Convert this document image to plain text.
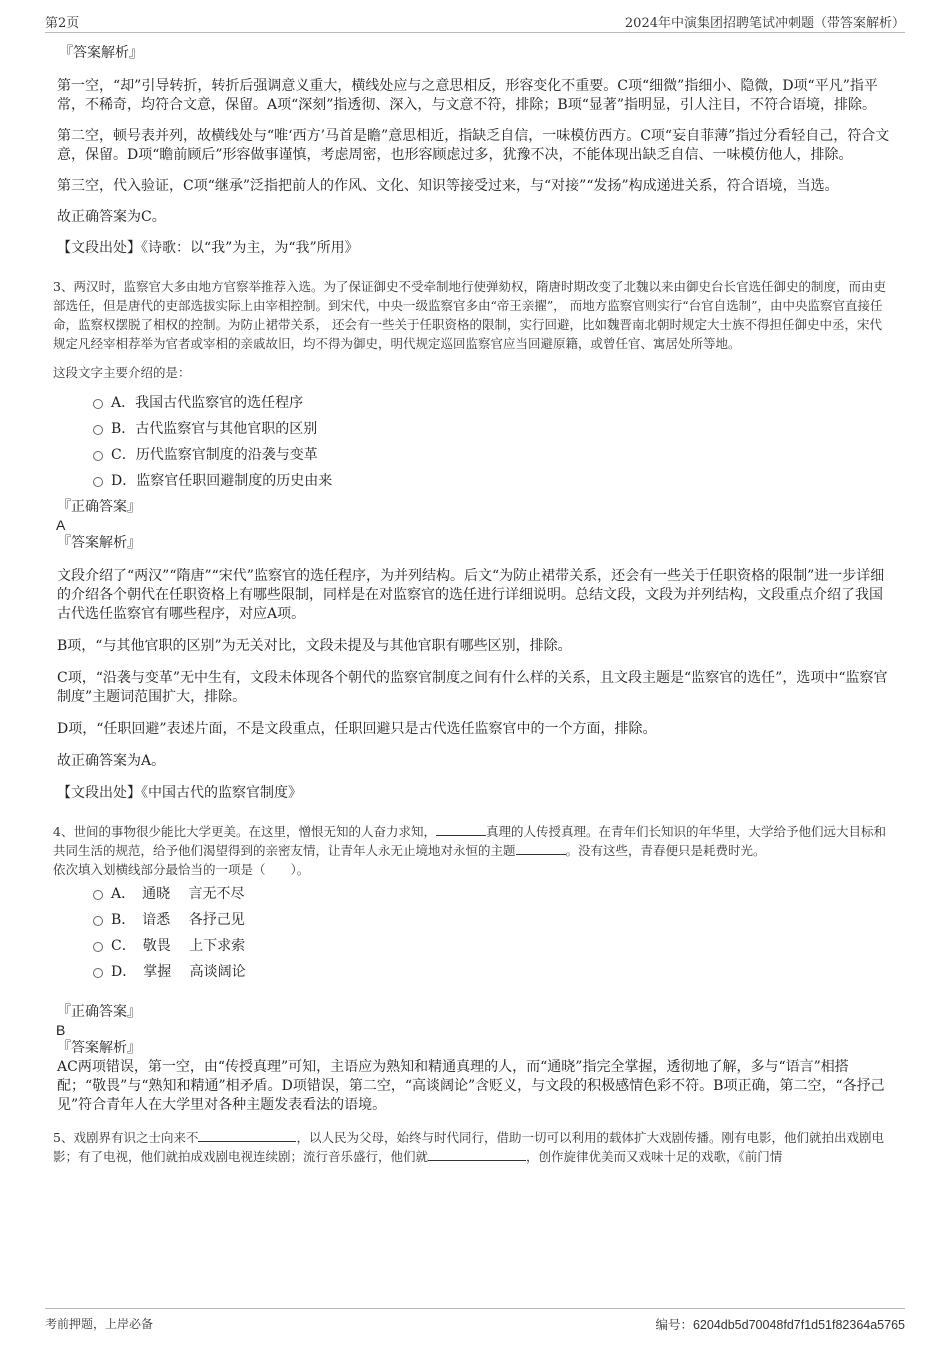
第2页	2024年中演集团招聘笔试冲刺题（带答案解析）
『答案解析』

第一空，“却”引导转折，转折后强调意义重大，横线处应与之意思相反，形容变化不重要。C项“细微”指细小、隐微，D项“平凡”指平常，不稀奇，均符合文意，保留。A项“深刻”指透彻、深入，与文意不符，排除；B项“显著”指明显，引人注目，不符合语境，排除。

第二空，顿号表并列，故横线处与“唯‘西方’马首是瞻”意思相近，指缺乏自信，一味模仿西方。C项“妄自菲薄”指过分看轻自己，符合文意，保留。D项“瞻前顾后”形容做事谨慎，考虑周密，也形容顾虑过多，犹豫不决，不能体现出缺乏自信、一味模仿他人，排除。

第三空，代入验证，C项“继承”泛指把前人的作风、文化、知识等接受过来，与“对接”“发扬”构成递进关系，符合语境，当选。

故正确答案为C。

【文段出处】《诗歌：以“我”为主，为“我”所用》

3、两汉时，监察官大多由地方官察举推荐入选。为了保证御史不受牵制地行使弹劾权，隋唐时期改变了北魏以来由御史台长官选任御史的制度，而由吏部选任，但是唐代的吏部选拔实际上由宰相控制。到宋代，中央一级监察官多由“帝王亲擢”， 而地方监察官则实行“台官自选制”，由中央监察官直接任命，监察权摆脱了相权的控制。为防止裙带关系， 还会有一些关于任职资格的限制，实行回避，比如魏晋南北朝时规定大士族不得担任御史中丞，宋代规定凡经宰相荐举为官者或宰相的亲戚故旧，均不得为御史，明代规定巡回监察官应当回避原籍，或曾任官、寓居处所等地。

这段文字主要介绍的是：

A．我国古代监察官的选任程序
B．古代监察官与其他官职的区别
C．历代监察官制度的沿袭与变革
D．监察官任职回避制度的历史由来
『正确答案』
A
『答案解析』

文段介绍了“两汉”“隋唐”“宋代”监察官的选任程序，为并列结构。后文“为防止裙带关系，还会有一些关于任职资格的限制”进一步详细的介绍各个朝代在任职资格上有哪些限制，同样是在对监察官的选任进行详细说明。总结文段，文段为并列结构，文段重点介绍了我国古代选任监察官有哪些程序，对应A项。

B项，“与其他官职的区别”为无关对比，文段未提及与其他官职有哪些区别，排除。

C项，“沿袭与变革”无中生有，文段未体现各个朝代的监察官制度之间有什么样的关系，且文段主题是“监察官的选任”，选项中“监察官制度”主题词范围扩大，排除。

D项，“任职回避”表述片面，不是文段重点，任职回避只是古代选任监察官中的一个方面，排除。

故正确答案为A。

【文段出处】《中国古代的监察官制度》

4、世间的事物很少能比大学更美。在这里，憎恨无知的人奋力求知，	真理的人传授真理。在青年们长知识的年华里，大学给予他们远大目标和共同生活的规范，给予他们渴望得到的亲密友情，让青年人永无止境地对永恒的主题	。没有这些，青春便只是耗费时光。

依次填入划横线部分最恰当的一项是（　　）。

A．　通晓　 言无不尽
B．　谙悉　 各抒己见
C．　敬畏　 上下求索
D．　掌握　 高谈阔论
『正确答案』
B
『答案解析』

AC两项错误，第一空，由“传授真理”可知，主语应为熟知和精通真理的人，而“通晓”指完全掌握，透彻地了解，多与“语言”相搭配；“敬畏”与“熟知和精通”相矛盾。D项错误，第二空，“高谈阔论”含贬义，与文段的积极感情色彩不符。B项正确，第二空，“各抒己见”符合青年人在大学里对各种主题发表看法的语境。

5、戏剧界有识之士向来不	，以人民为父母，始终与时代同行，借助一切可以利用的载体扩大戏剧传播。刚有电影，他们就拍出戏剧电影；有了电视，他们就拍成戏剧电视连续剧；流行音乐盛行，他们就	，创作旋律优美而又戏味十足的戏歌，《前门情

考前押题，上岸必备	编号：6204db5d70048fd7f1d51f82364a5765
